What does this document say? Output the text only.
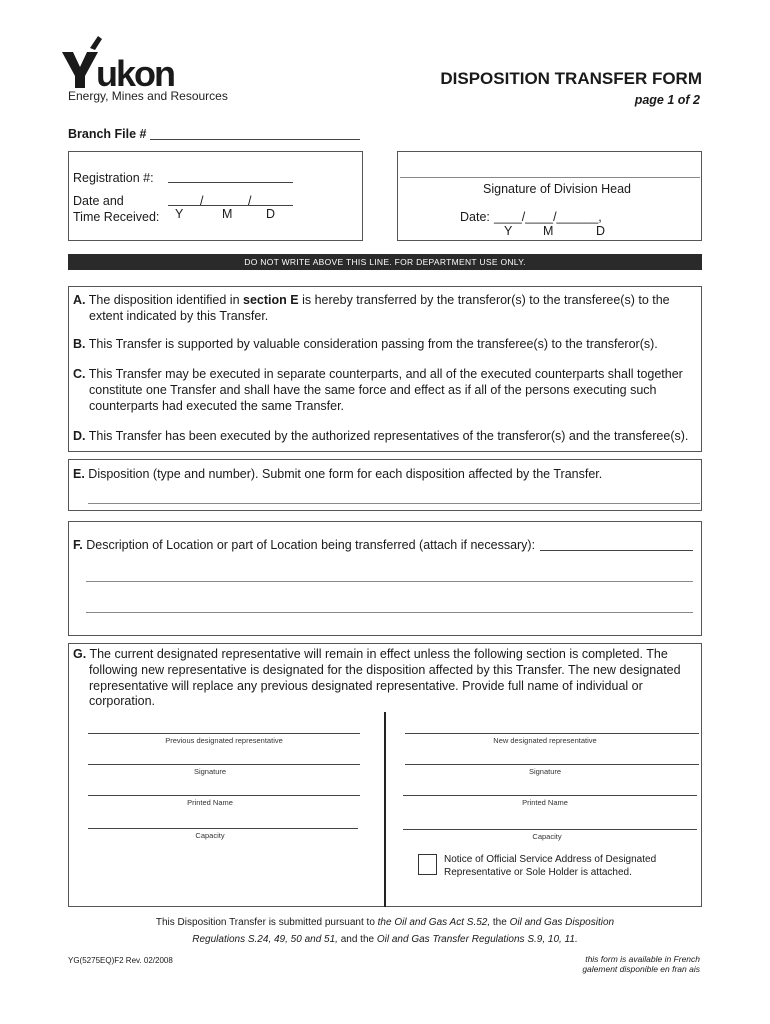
ukon
Energy, Mines and Resources
DISPOSITION TRANSFER FORM
page 1 of 2
Branch File #
Registration #:
Date and
Time Received:
/	/
Y	M	D
Signature of Division Head
Date: ____/____/______,
Y M	D
DO NOT WRITE ABOVE THIS LINE. FOR DEPARTMENT USE ONLY.
A. The disposition identified in section E is hereby transferred by the transferor(s) to the transferee(s) to the
extent indicated by this Transfer.
B. This Transfer is supported by valuable consideration passing from the transferee(s) to the transferor(s).
C. This Transfer may be executed in separate counterparts, and all of the executed counterparts shall together
constitute one Transfer and shall have the same force and effect as if all of the persons executing such
counterparts had executed the same Transfer.
D. This Transfer has been executed by the authorized representatives of the transferor(s) and the transferee(s).
E. Disposition (type and number). Submit one form for each disposition affected by the Transfer.
F. Description of Location or part of Location being transferred (attach if necessary):
G. The current designated representative will remain in effect unless the following section is completed. The
following new representative is designated for the disposition affected by this Transfer. The new designated
representative will replace any previous designated representative. Provide full name of individual or
corporation.
Previous designated representative
Signature
Printed Name
Capacity
New designated representative
Signature
Printed Name
Capacity
Notice of Official Service Address of Designated
Representative or Sole Holder is attached.
This Disposition Transfer is submitted pursuant to the Oil and Gas Act S.52, the Oil and Gas Disposition
Regulations S.24, 49, 50 and 51, and the Oil and Gas Transfer Regulations S.9, 10, 11.
YG(5275EQ)F2 Rev. 02/2008	this form is available in French
galement disponible en fran ais
